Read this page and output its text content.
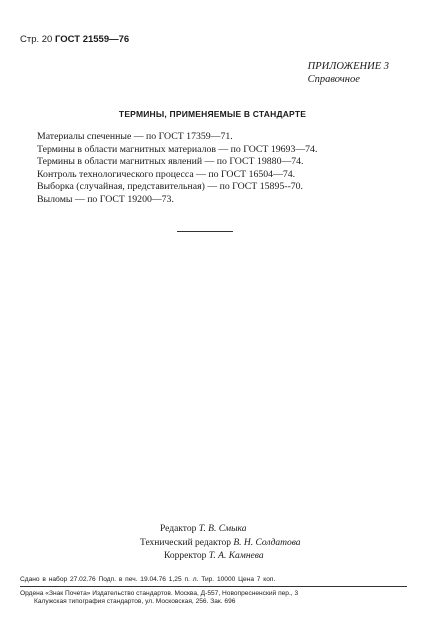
Стр. 20 ГОСТ 21559—76
ПРИЛОЖЕНИЕ 3
Справочное
ТЕРМИНЫ, ПРИМЕНЯЕМЫЕ В СТАНДАРТЕ
Материалы спеченные — по ГОСТ 17359—71.
Термины в области магнитных материалов — по ГОСТ 19693—74.
Термины в области магнитных явлений — по ГОСТ 19880—74.
Контроль технологического процесса — по ГОСТ 16504—74.
Выборка (случайная, представительная) — по ГОСТ 15895--70.
Выломы — по ГОСТ 19200—73.
Редактор Т. В. Смыка
Технический редактор В. Н. Солдатова
Корректор Т. А. Камнева
Сдано в набор 27.02.76 Подп. в печ. 19.04.76 1,25 п. л. Тир. 10000 Цена 7 коп.
Ордена «Знак Почета» Издательство стандартов. Москва, Д-557, Новопресненский пер., 3
Калужская типография стандартов, ул. Московская, 256. Зак. 696
